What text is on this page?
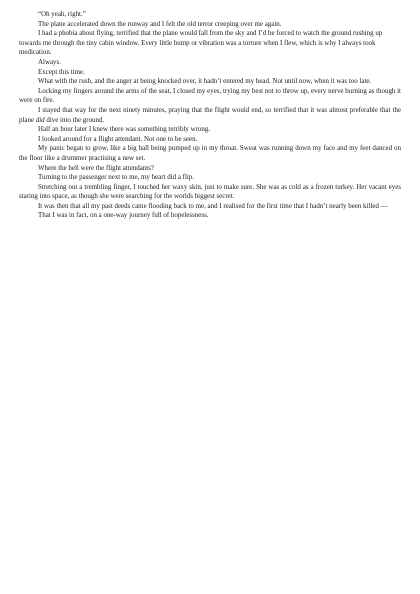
“Oh yeah, right.”

The plane accelerated down the runway and I felt the old terror creeping over me again.

I had a phobia about flying, terrified that the plane would fall from the sky and I’d be forced to watch the ground rushing up towards me through the tiny cabin window. Every little bump or vibration was a torture when I flew, which is why I always took medication.

Always.

Except this time.

What with the rush, and the anger at being knocked over, it hadn’t entered my head. Not until now, when it was too late.

Locking my fingers around the arms of the seat, I closed my eyes, trying my best not to throw up, every nerve burning as though it were on fire.

I stayed that way for the next ninety minutes, praying that the flight would end, so terrified that it was almost preferable that the plane did dive into the ground.

Half an hour later I knew there was something terribly wrong.

I looked around for a flight attendant. Not one to be seen.

My panic began to grow, like a big ball being pumped up in my throat. Sweat was running down my face and my feet danced on the floor like a drummer practising a new set.

Where the hell were the flight attendants?

Turning to the passenger next to me, my heart did a flip.

Stretching out a trembling finger, I touched her waxy skin, just to make sure. She was as cold as a frozen turkey. Her vacant eyes staring into space, as though she were searching for the worlds biggest secret.

It was then that all my past deeds came flooding back to me, and I realised for the first time that I hadn’t nearly been killed —

That I was in fact, on a one-way journey full of hopelessness.
